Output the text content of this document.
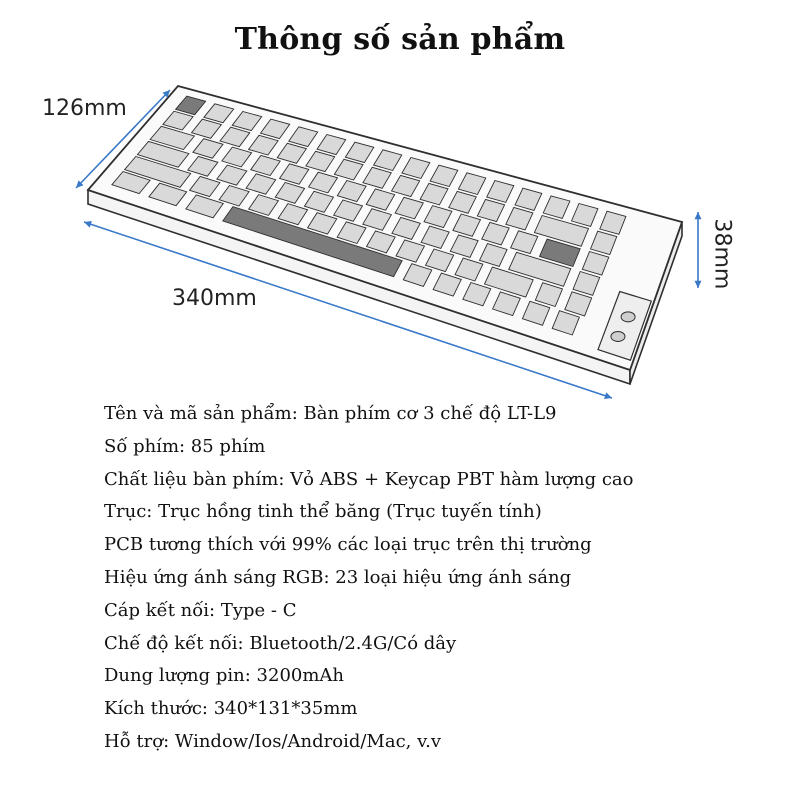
Thông số sản phẩm
126mm
340mm
38mm
Tên và mã sản phẩm: Bàn phím cơ 3 chế độ LT-L9
Số phím: 85 phím
Chất liệu bàn phím: Vỏ ABS + Keycap PBT hàm lượng cao
Trục: Trục hồng tinh thể băng (Trục tuyến tính)
PCB tương thích với 99% các loại trục trên thị trường
Hiệu ứng ánh sáng RGB: 23 loại hiệu ứng ánh sáng
Cáp kết nối: Type - C
Chế độ kết nối: Bluetooth/2.4G/Có dây
Dung lượng pin: 3200mAh
Kích thước: 340*131*35mm
Hỗ trợ: Window/Ios/Android/Mac, v.v
